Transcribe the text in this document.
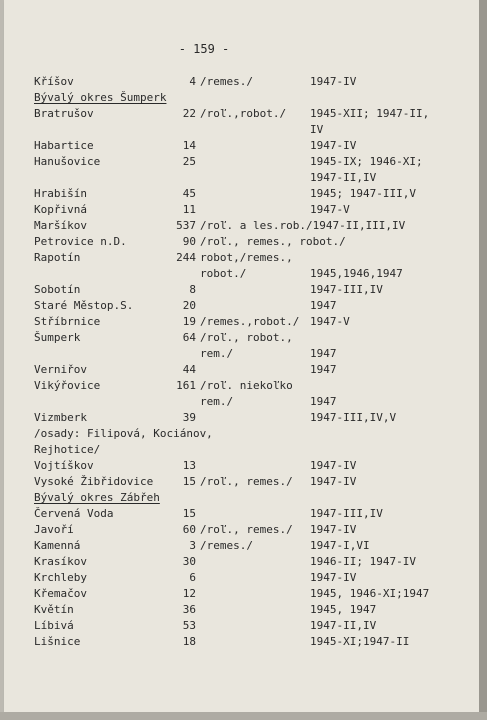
- 159 -
Kříšov	4 /remes./	1947-IV
Bývalý okres Šumperk
Bratrušov	22 /roľ.,robot./ 1945-XII; 1947-II,
IV
Habartice	14	1947-IV
Hanušovice	25	1945-IX; 1946-XI;
1947-II,IV
Hrabišín	45	1945; 1947-III,V
Kopřivná	11	1947-V
Maršíkov	537 /roľ. a les.rob./1947-II,III,IV
Petrovice n.D.	90 /roľ., remes., robot./
Rapotín	244 robot,/remes.,
robot./	1945,1946,1947
Sobotín	8	1947-III,IV
Staré Městop.S.	20	1947
Stříbrnice	19 /remes.,robot./ 1947-V
Šumperk	64 /roľ., robot.,
rem./	1947
Verniřov	44	1947
Vikýřovice	161 /roľ. niekoľko
rem./	1947
Vizmberk	39	1947-III,IV,V
/osady: Filipová, Kociánov,
Rejhotice/
Vojtíškov	13	1947-IV
Vysoké Žibřidovice	15 /roľ., remes./ 1947-IV
Bývalý okres Zábřeh
Červená Voda	15	1947-III,IV
Javoří	60 /roľ., remes./ 1947-IV
Kamenná	3 /remes./	1947-I,VI
Krasíkov	30	1946-II; 1947-IV
Krchleby	6	1947-IV
Křemačov	12	1945, 1946-XI;1947
Květín	36	1945, 1947
Líbivá	53	1947-II,IV
Lišnice	18	1945-XI;1947-II
